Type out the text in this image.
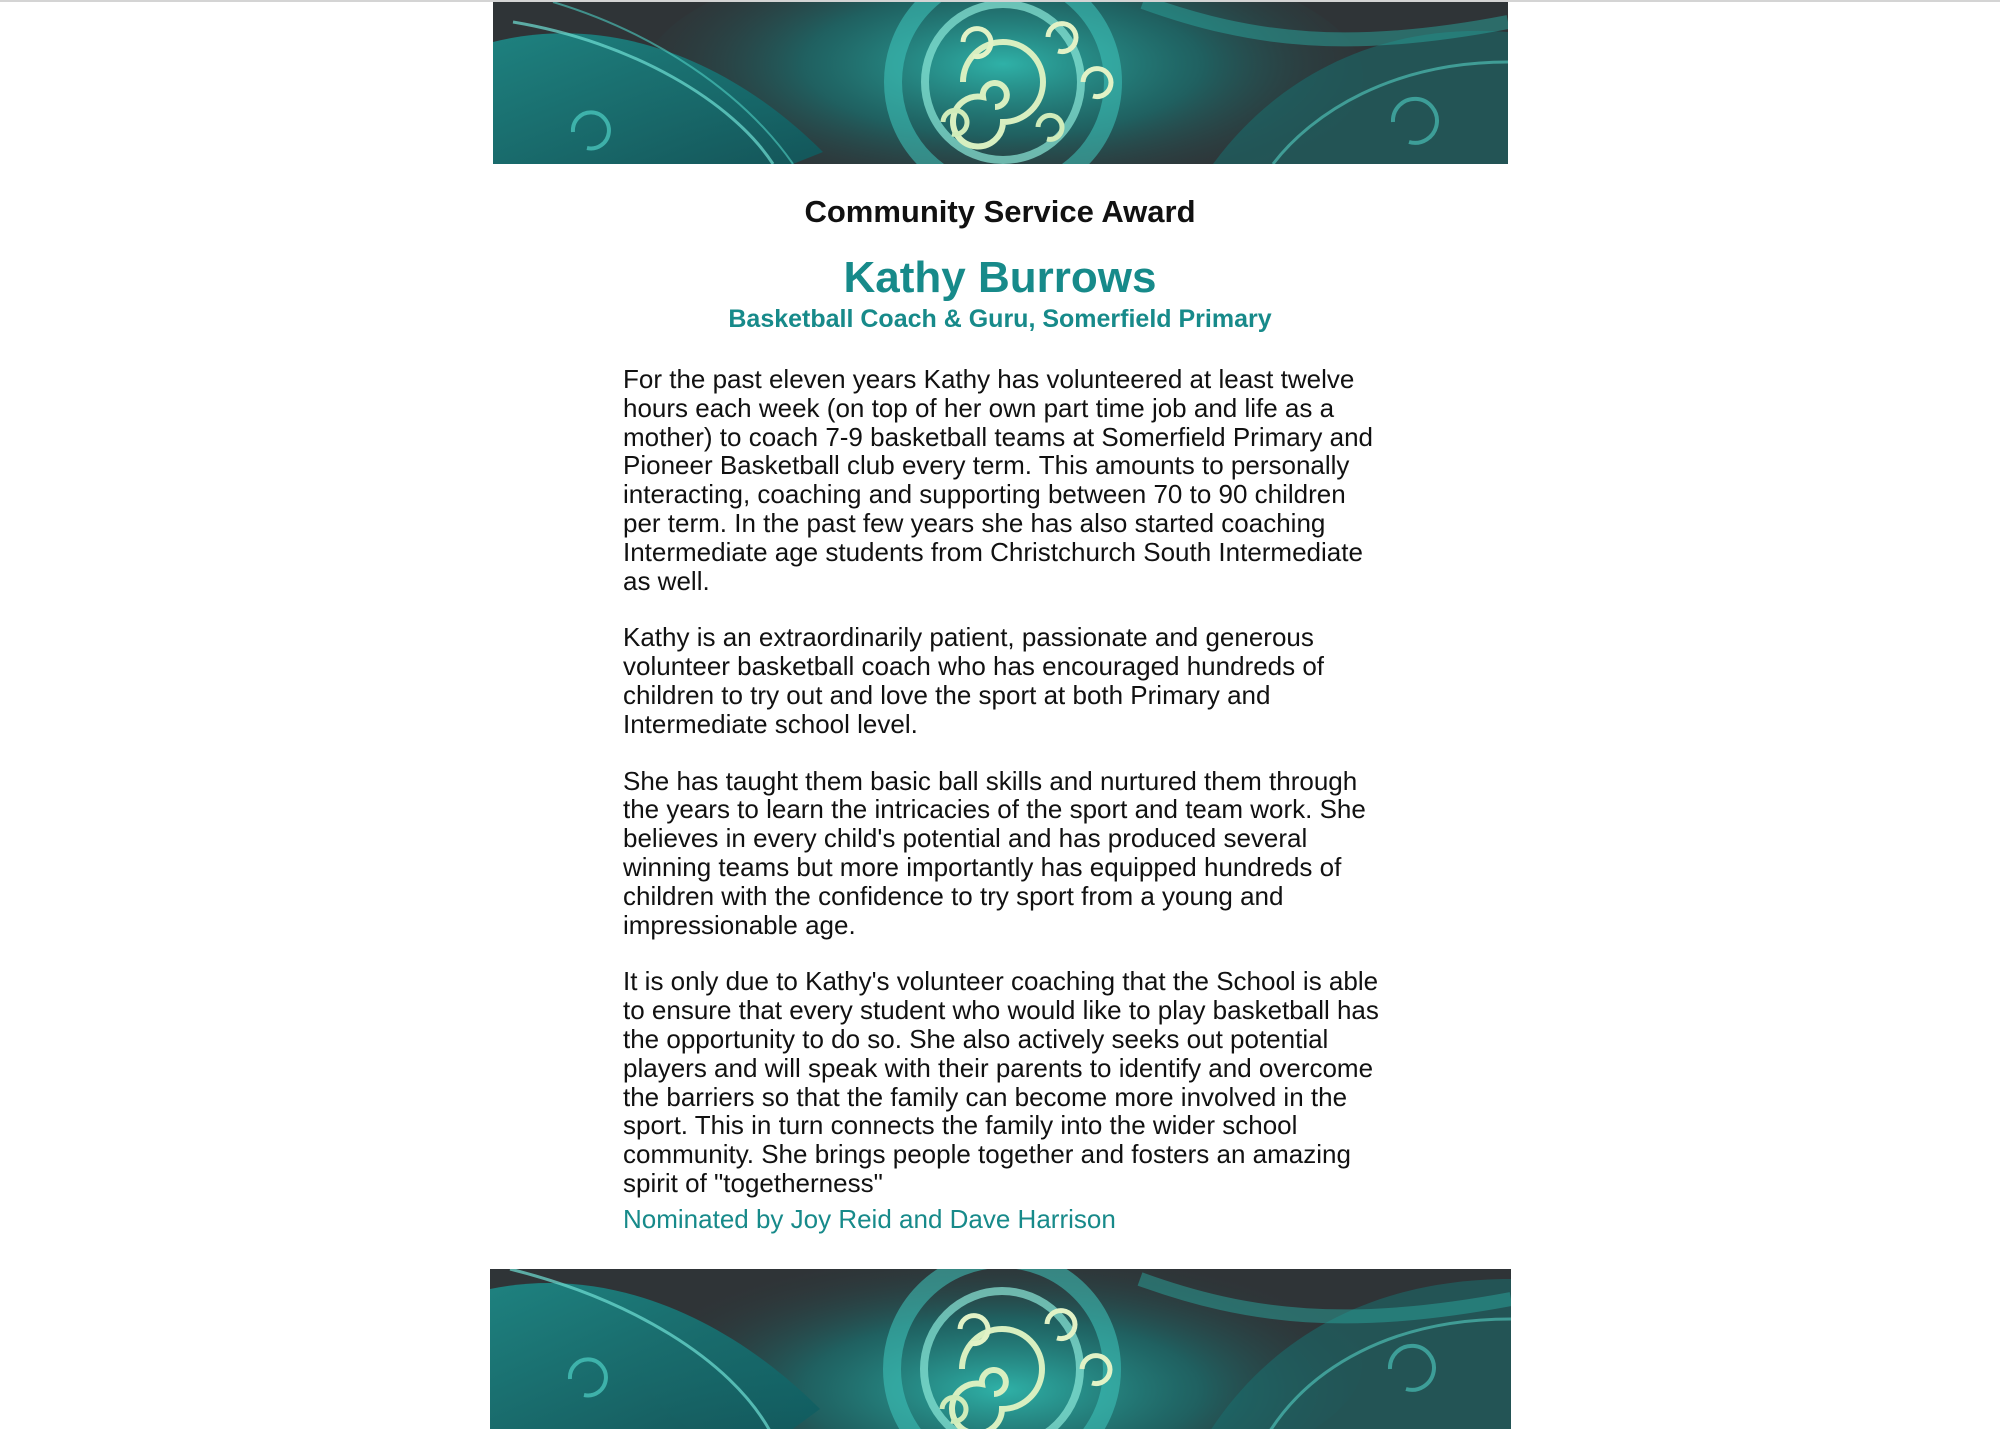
Community Service Award
Kathy Burrows
Basketball Coach & Guru, Somerfield Primary

For the past eleven years Kathy has volunteered at least twelve hours each week (on top of her own part time job and life as a mother) to coach 7-9 basketball teams at Somerfield Primary and Pioneer Basketball club every term. This amounts to personally interacting, coaching and supporting between 70 to 90 children per term. In the past few years she has also started coaching Intermediate age students from Christchurch South Intermediate as well.

Kathy is an extraordinarily patient, passionate and generous volunteer basketball coach who has encouraged hundreds of children to try out and love the sport at both Primary and Intermediate school level.

She has taught them basic ball skills and nurtured them through the years to learn the intricacies of the sport and team work. She believes in every child's potential and has produced several winning teams but more importantly has equipped hundreds of children with the confidence to try sport from a young and impressionable age.

It is only due to Kathy's volunteer coaching that the School is able to ensure that every student who would like to play basketball has the opportunity to do so. She also actively seeks out potential players and will speak with their parents to identify and overcome the barriers so that the family can become more involved in the sport. This in turn connects the family into the wider school community. She brings people together and fosters an amazing spirit of "togetherness"

Nominated by Joy Reid and Dave Harrison
